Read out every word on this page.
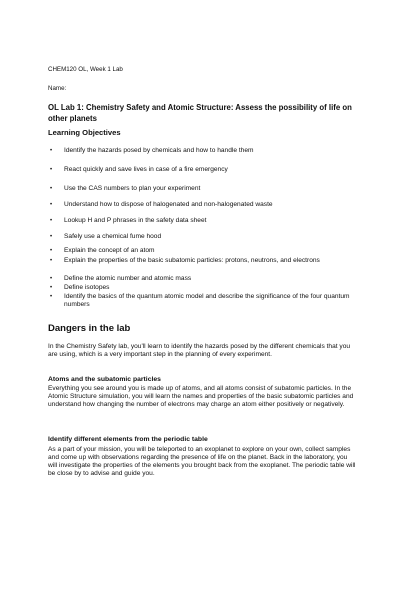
CHEM120 OL, Week 1 Lab
Name:
OL Lab 1: Chemistry Safety and Atomic Structure: Assess the possibility of life on other planets
Learning Objectives
•	Identify the hazards posed by chemicals and how to handle them
•	React quickly and save lives in case of a fire emergency
•	Use the CAS numbers to plan your experiment
•	Understand how to dispose of halogenated and non-halogenated waste
•	Lookup H and P phrases in the safety data sheet
•	Safely use a chemical fume hood
•	Explain the concept of an atom
•	Explain the properties of the basic subatomic particles: protons, neutrons, and electrons
•	Define the atomic number and atomic mass
•	Define isotopes
•	Identify the basics of the quantum atomic model and describe the significance of the four quantum numbers
Dangers in the lab
In the Chemistry Safety lab, you'll learn to identify the hazards posed by the different chemicals that you are using, which is a very important step in the planning of every experiment.
Atoms and the subatomic particles
Everything you see around you is made up of atoms, and all atoms consist of subatomic particles. In the Atomic Structure simulation, you will learn the names and properties of the basic subatomic particles and understand how changing the number of electrons may charge an atom either positively or negatively.
Identify different elements from the periodic table
As a part of your mission, you will be teleported to an exoplanet to explore on your own, collect samples and come up with observations regarding the presence of life on the planet. Back in the laboratory, you will investigate the properties of the elements you brought back from the exoplanet. The periodic table will be close by to advise and guide you.
